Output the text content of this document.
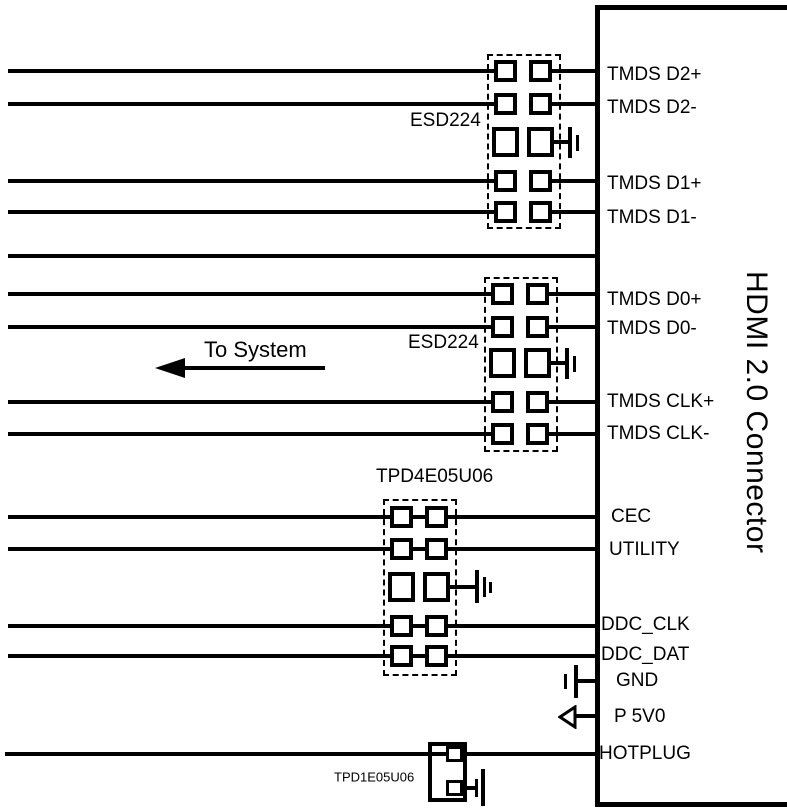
HDMI 2.0 Connector
ESD224
TMDS D2+
TMDS D2-
TMDS D1+
TMDS D1-
To System	ESD224
TMDS D0+
TMDS D0-
TMDS CLK+
TMDS CLK-
TPD4E05U06
CEC
UTILITY
DDC_CLK
DDC_DAT
GND
P 5V0
TPD1E05U06
HOTPLUG
